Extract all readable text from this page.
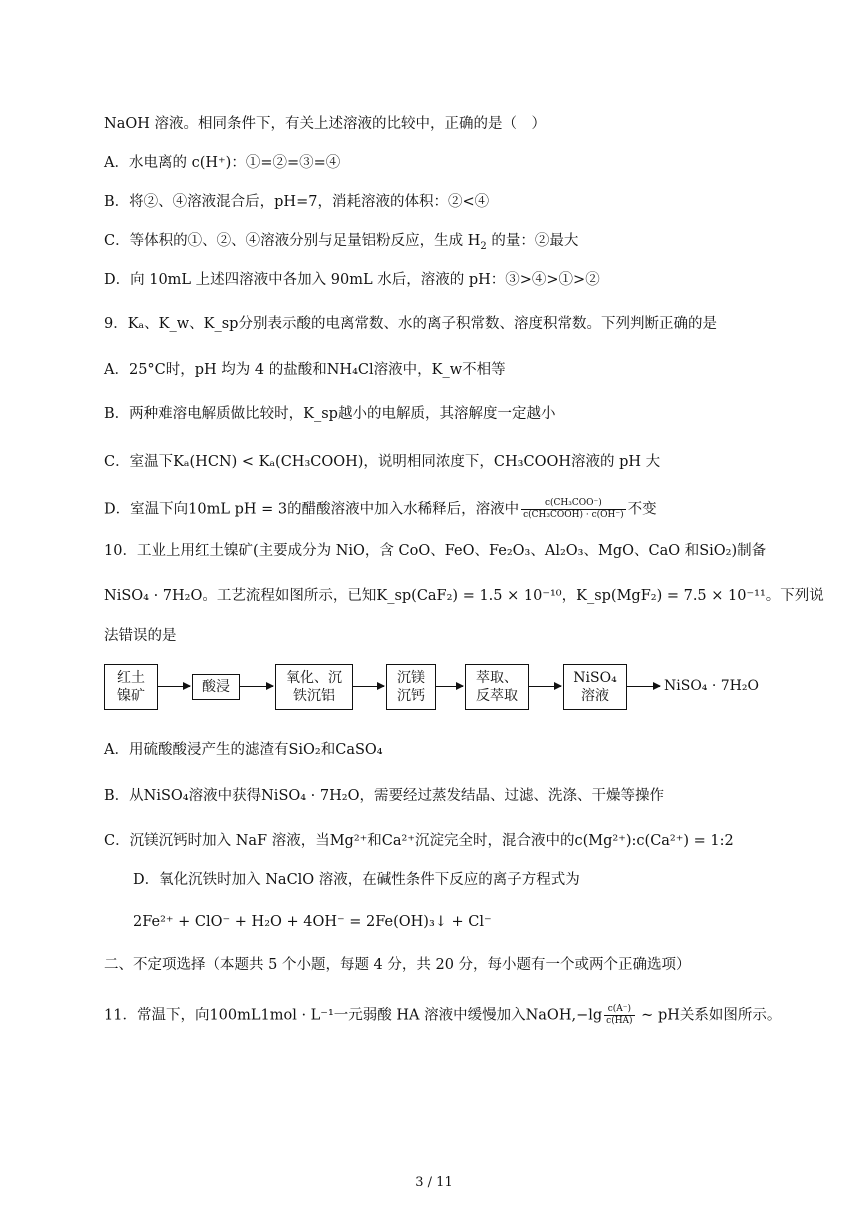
NaOH 溶液。相同条件下，有关上述溶液的比较中，正确的是（　）
A．水电离的 c(H⁺)：①=②=③=④
B．将②、④溶液混合后，pH=7，消耗溶液的体积：②<④
C．等体积的①、②、④溶液分别与足量铝粉反应，生成 $H_2$ 的量：②最大
D．向 10mL 上述四溶液中各加入 90mL 水后，溶液的 pH：③>④>①>②
9．Kₐ、K_w、K_sp分别表示酸的电离常数、水的离子积常数、溶度积常数。下列判断正确的是
A．25°C时，pH 均为 4 的盐酸和NH₄Cl溶液中，K_w不相等
B．两种难溶电解质做比较时，K_sp越小的电解质，其溶解度一定越小
C．室温下Kₐ(HCN) < Kₐ(CH₃COOH)，说明相同浓度下，CH₃COOH溶液的 pH 大
D．室温下向10mL pH = 3的醋酸溶液中加入水稀释后，溶液中 $\frac{\text{c(CH₃COO⁻)}}{\text{c(CH₃COOH) · c(OH⁻)}}$ 不变
10．工业上用红土镍矿(主要成分为 NiO，含 CoO、FeO、Fe₂O₃、Al₂O₃、MgO、CaO 和SiO₂)制备
NiSO₄ · 7H₂O。工艺流程如图所示，已知K_sp(CaF₂) = 1.5 × 10⁻¹⁰，K_sp(MgF₂) = 7.5 × 10⁻¹¹。下列说
法错误的是
红土
镍矿
酸浸
氧化、沉
铁沉铝
沉镁
沉钙
萃取、
反萃取
NiSO₄
溶液
NiSO₄ · 7H₂O
A．用硫酸酸浸产生的滤渣有SiO₂和CaSO₄
B．从NiSO₄溶液中获得NiSO₄ · 7H₂O，需要经过蒸发结晶、过滤、洗涤、干燥等操作
C．沉镁沉钙时加入 NaF 溶液，当Mg²⁺和Ca²⁺沉淀完全时，混合液中的c(Mg²⁺):c(Ca²⁺) = 1:2
D．氧化沉铁时加入 NaClO 溶液，在碱性条件下反应的离子方程式为
2Fe²⁺ + ClO⁻ + H₂O + 4OH⁻ = 2Fe(OH)₃↓ + Cl⁻
二、不定项选择（本题共 5 个小题，每题 4 分，共 20 分，每小题有一个或两个正确选项）
11．常温下，向100mL1mol · L⁻¹一元弱酸 HA 溶液中缓慢加入NaOH,−lg $\frac{c(A^-)}{c(HA)}$ ~ pH关系如图所示。
3 / 11
